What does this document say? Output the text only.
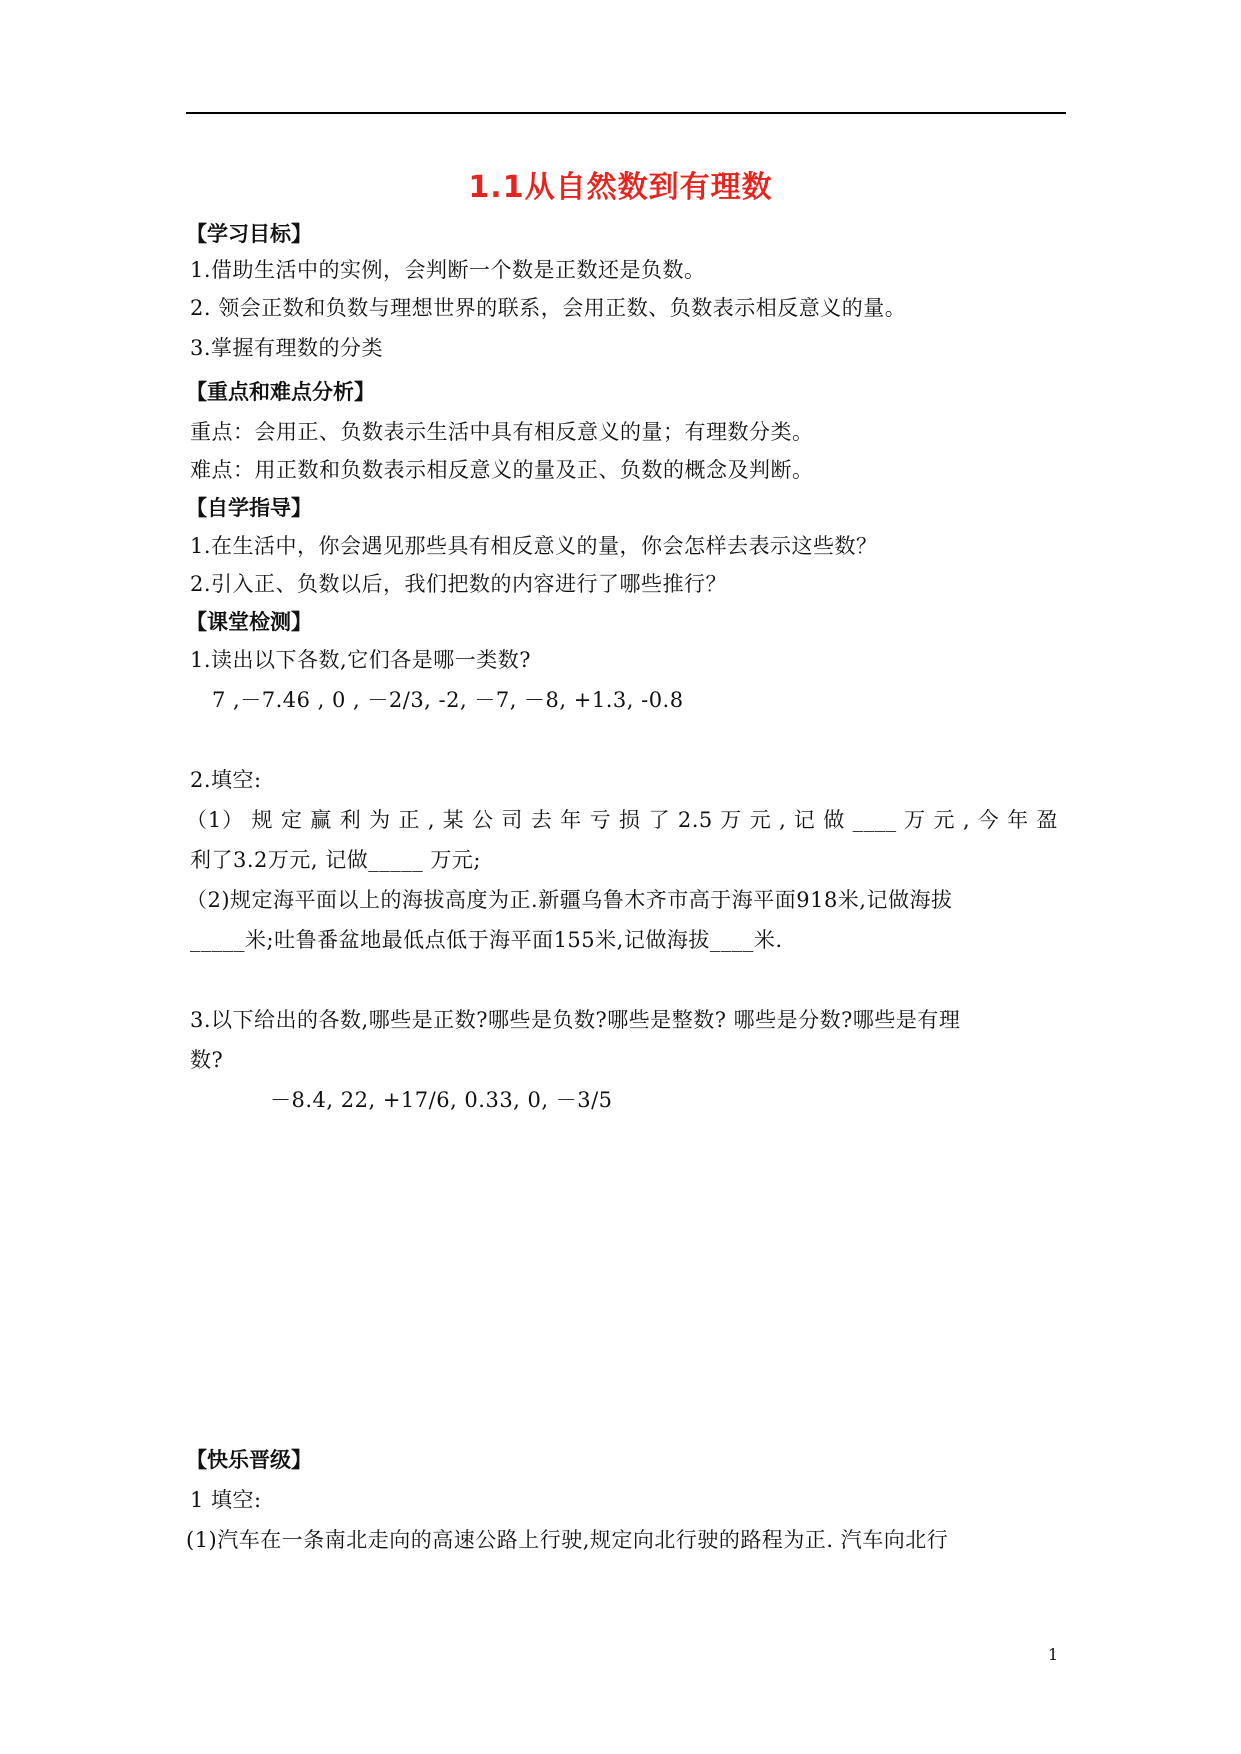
1.1从自然数到有理数
【学习目标】
1.借助生活中的实例，会判断一个数是正数还是负数。
2. 领会正数和负数与理想世界的联系，会用正数、负数表示相反意义的量。
3.掌握有理数的分类
【重点和难点分析】
重点：会用正、负数表示生活中具有相反意义的量；有理数分类。
难点：用正数和负数表示相反意义的量及正、负数的概念及判断。
【自学指导】
1.在生活中，你会遇见那些具有相反意义的量，你会怎样去表示这些数？
2.引入正、负数以后，我们把数的内容进行了哪些推行？
【课堂检测】
1.读出以下各数,它们各是哪一类数?
7 ,－7.46 , 0 , －2/3, -2, －7, －8, +1.3, -0.8
2.填空:
（1） 规 定 赢 利 为 正 , 某 公 司 去 年 亏 损 了 2.5 万 元 , 记 做 ____ 万 元 , 今 年 盈
利了3.2万元, 记做_____ 万元;
（2)规定海平面以上的海拔高度为正.新疆乌鲁木齐市高于海平面918米,记做海拔
_____米;吐鲁番盆地最低点低于海平面155米,记做海拔____米.
3.以下给出的各数,哪些是正数?哪些是负数?哪些是整数? 哪些是分数?哪些是有理
数?
－8.4, 22, +17/6, 0.33, 0, －3/5
【快乐晋级】
1 填空:
(1)汽车在一条南北走向的高速公路上行驶,规定向北行驶的路程为正. 汽车向北行
1
